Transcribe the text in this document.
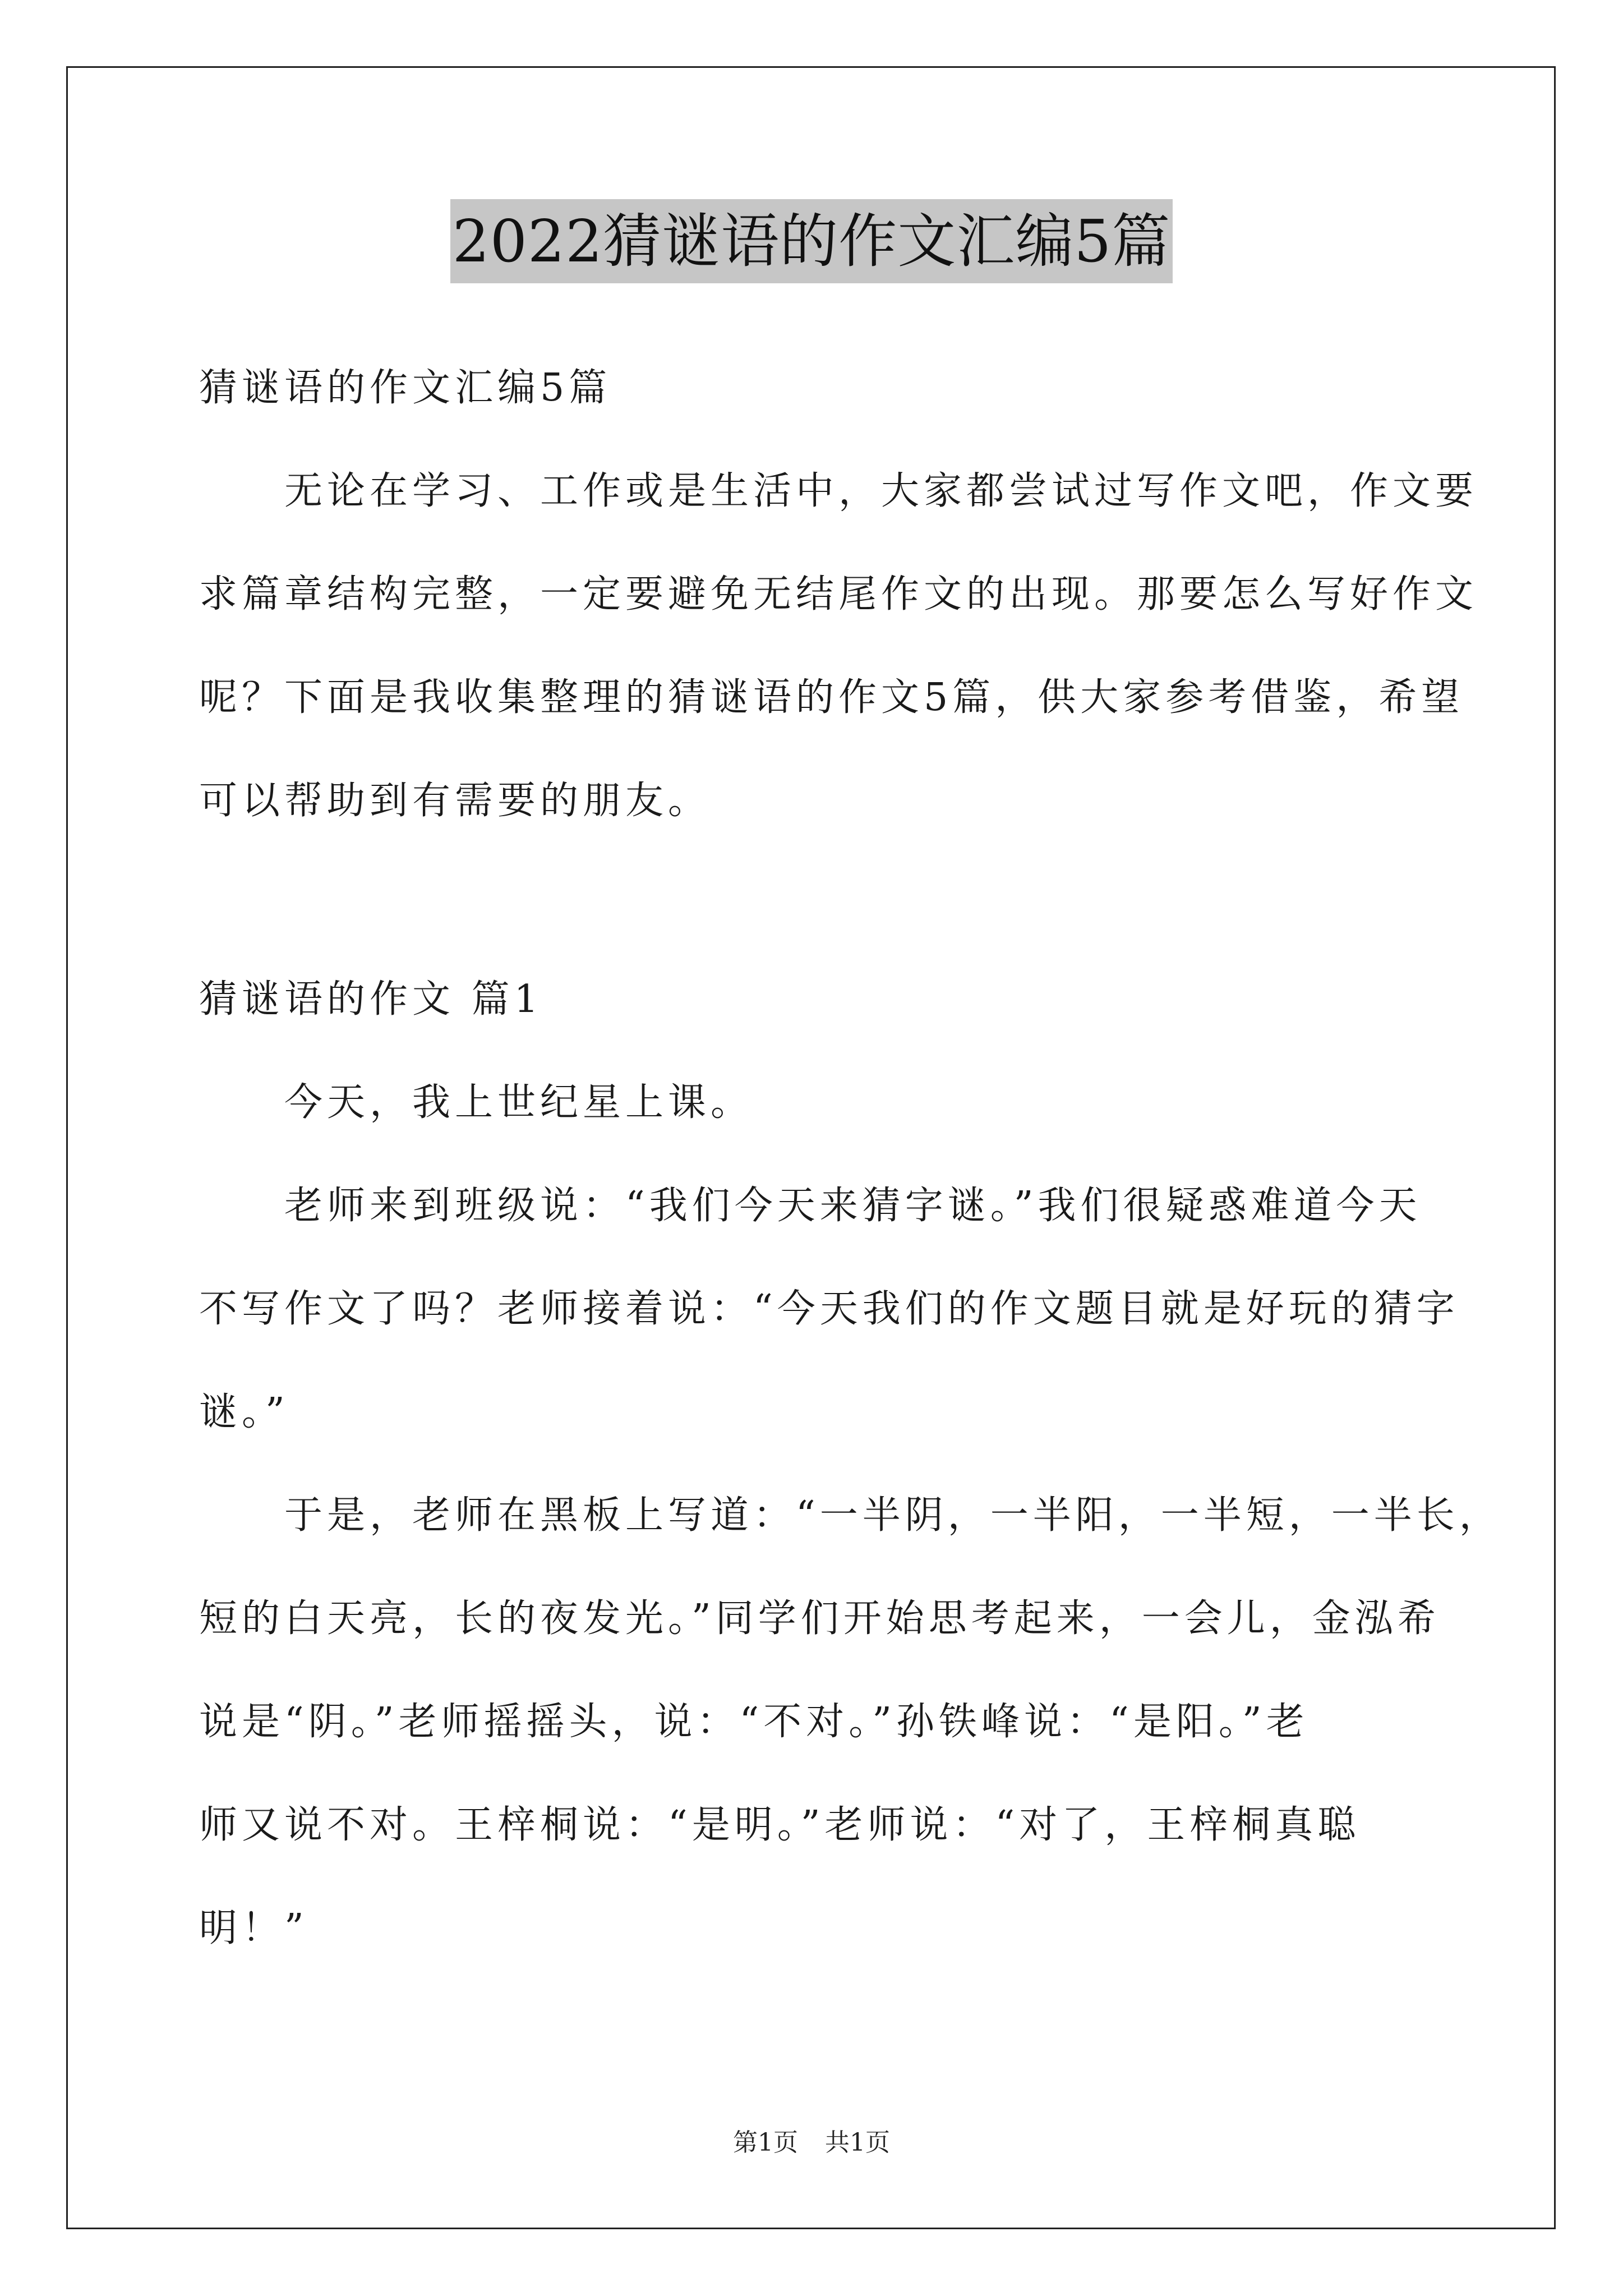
2022猜谜语的作文汇编5篇
猜谜语的作文汇编5篇
　　无论在学习、工作或是生活中，大家都尝试过写作文吧，作文要
求篇章结构完整，一定要避免无结尾作文的出现。那要怎么写好作文
呢？下面是我收集整理的猜谜语的作文5篇，供大家参考借鉴，希望
可以帮助到有需要的朋友。
猜谜语的作文 篇1
　　今天，我上世纪星上课。
　　老师来到班级说：“我们今天来猜字谜。”我们很疑惑难道今天
不写作文了吗？老师接着说：“今天我们的作文题目就是好玩的猜字
谜。”
　　于是，老师在黑板上写道：“一半阴，一半阳，一半短，一半长，
短的白天亮，长的夜发光。”同学们开始思考起来，一会儿，金泓希
说是“阴。”老师摇摇头，说：“不对。”孙铁峰说：“是阳。”老
师又说不对。王梓桐说：“是明。”老师说：“对了，王梓桐真聪
明！”
第1页 共1页
